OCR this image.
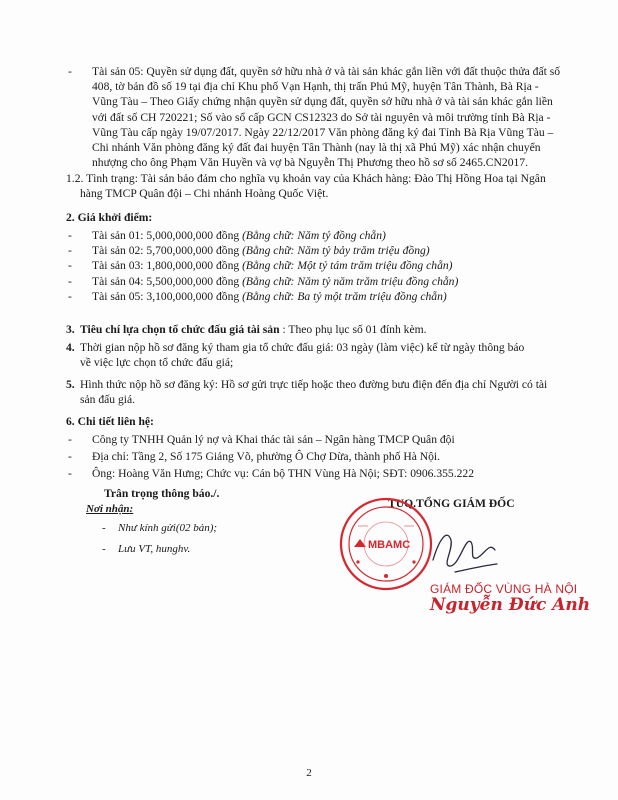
-	Tài sản 05: Quyền sử dụng đất, quyền sở hữu nhà ở và tài sản khác gắn liền với đất thuộc thửa đất số
408, tờ bản đồ số 19 tại địa chỉ Khu phố Vạn Hạnh, thị trấn Phú Mỹ, huyện Tân Thành, Bà Rịa -
Vũng Tàu – Theo Giấy chứng nhận quyền sử dụng đất, quyền sở hữu nhà ở và tài sản khác gắn liền
với đất số CH 720221; Số vào sổ cấp GCN CS12323 do Sở tài nguyên và môi trường tỉnh Bà Rịa -
Vũng Tàu cấp ngày 19/07/2017. Ngày 22/12/2017 Văn phòng đăng ký đai Tỉnh Bà Rịa Vũng Tàu –
Chi nhánh Văn phòng đăng ký đất đai huyện Tân Thành (nay là thị xã Phú Mỹ) xác nhận chuyển
nhượng cho ông Phạm Văn Huyền và vợ bà Nguyễn Thị Phương theo hồ sơ số 2465.CN2017.
1.2. Tình trạng: Tài sản bảo đảm cho nghĩa vụ khoản vay của Khách hàng: Đào Thị Hồng Hoa tại Ngân
hàng TMCP Quân đội – Chi nhánh Hoàng Quốc Việt.
2. Giá khởi điểm:
- Tài sản 01: 5,000,000,000 đồng (Bằng chữ: Năm tỷ đồng chẵn)
- Tài sản 02: 5,700,000,000 đồng (Bằng chữ: Năm tỷ bảy trăm triệu đồng)
- Tài sản 03: 1,800,000,000 đồng (Bằng chữ: Một tỷ tám trăm triệu đồng chẵn)
- Tài sản 04: 5,500,000,000 đồng (Bằng chữ: Năm tỷ năm trăm triệu đồng chẵn)
- Tài sản 05: 3,100,000,000 đồng (Bằng chữ: Ba tỷ một trăm triệu đồng chẵn)
3. Tiêu chí lựa chọn tổ chức đấu giá tài sản : Theo phụ lục số 01 đính kèm.
4. Thời gian nộp hồ sơ đăng ký tham gia tổ chức đấu giá: 03 ngày (làm việc) kể từ ngày thông báo
về việc lực chọn tổ chức đấu giá;
5. Hình thức nộp hồ sơ đăng ký: Hồ sơ gửi trực tiếp hoặc theo đường bưu điện đến địa chỉ Người có tài
sản đấu giá.
6. Chi tiết liên hệ:
- Công ty TNHH Quản lý nợ và Khai thác tài sản – Ngân hàng TMCP Quân đội
- Địa chỉ: Tầng 2, Số 175 Giảng Võ, phường Ô Chợ Dừa, thành phố Hà Nội.
- Ông: Hoàng Văn Hưng; Chức vụ: Cán bộ THN Vùng Hà Nội; SĐT: 0906.355.222
Trân trọng thông báo./.
Nơi nhận:
- Như kính gửi(02 bản);
- Lưu VT, hunghv.
TUQ.TỔNG GIÁM ĐỐC
MBAMC
GIÁM ĐỐC VÙNG HÀ NỘI
Nguyễn Đức Anh
2
